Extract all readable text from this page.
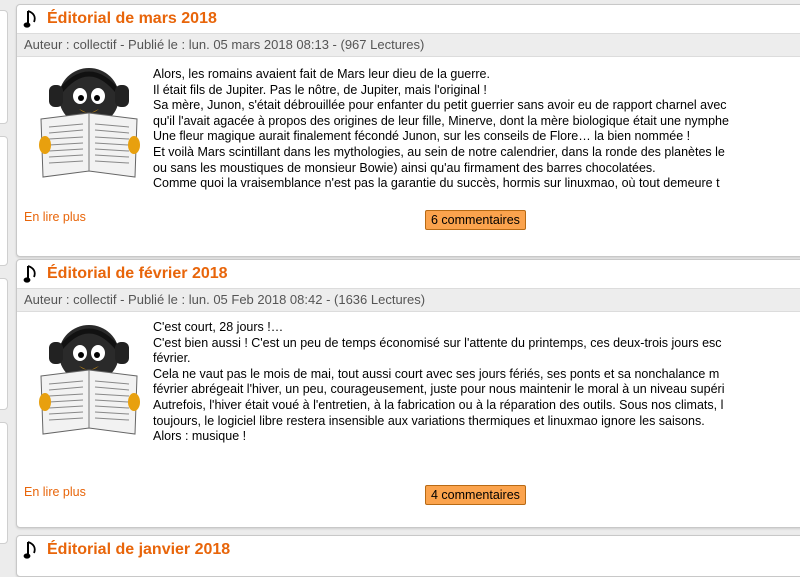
Éditorial de mars 2018
Auteur : collectif - Publié le : lun. 05 mars 2018 08:13 - (967 Lectures)

Alors, les romains avaient fait de Mars leur dieu de la guerre.

Il était fils de Jupiter. Pas le nôtre, de Jupiter, mais l'original !

Sa mère, Junon, s'était débrouillée pour enfanter du petit guerrier sans avoir eu de rapport charnel avec

qu'il l'avait agacée à propos des origines de leur fille, Minerve, dont la mère biologique était une nymphe

Une fleur magique aurait finalement fécondé Junon, sur les conseils de Flore… la bien nommée !

Et voilà Mars scintillant dans les mythologies, au sein de notre calendrier, dans la ronde des planètes le

ou sans les moustiques de monsieur Bowie) ainsi qu'au firmament des barres chocolatées.

Comme quoi la vraisemblance n'est pas la garantie du succès, hormis sur linuxmao, où tout demeure t

En lire plus	6 commentaires
Éditorial de février 2018
Auteur : collectif - Publié le : lun. 05 Feb 2018 08:42 - (1636 Lectures)

C'est court, 28 jours !…

C'est bien aussi ! C'est un peu de temps économisé sur l'attente du printemps, ces deux-trois jours esc

février.

Cela ne vaut pas le mois de mai, tout aussi court avec ses jours fériés, ses ponts et sa nonchalance m

février abrégeait l'hiver, un peu, courageusement, juste pour nous maintenir le moral à un niveau supéri

Autrefois, l'hiver était voué à l'entretien, à la fabrication ou à la réparation des outils. Sous nos climats, l

toujours, le logiciel libre restera insensible aux variations thermiques et linuxmao ignore les saisons.

Alors : musique !

En lire plus	4 commentaires
Éditorial de janvier 2018
